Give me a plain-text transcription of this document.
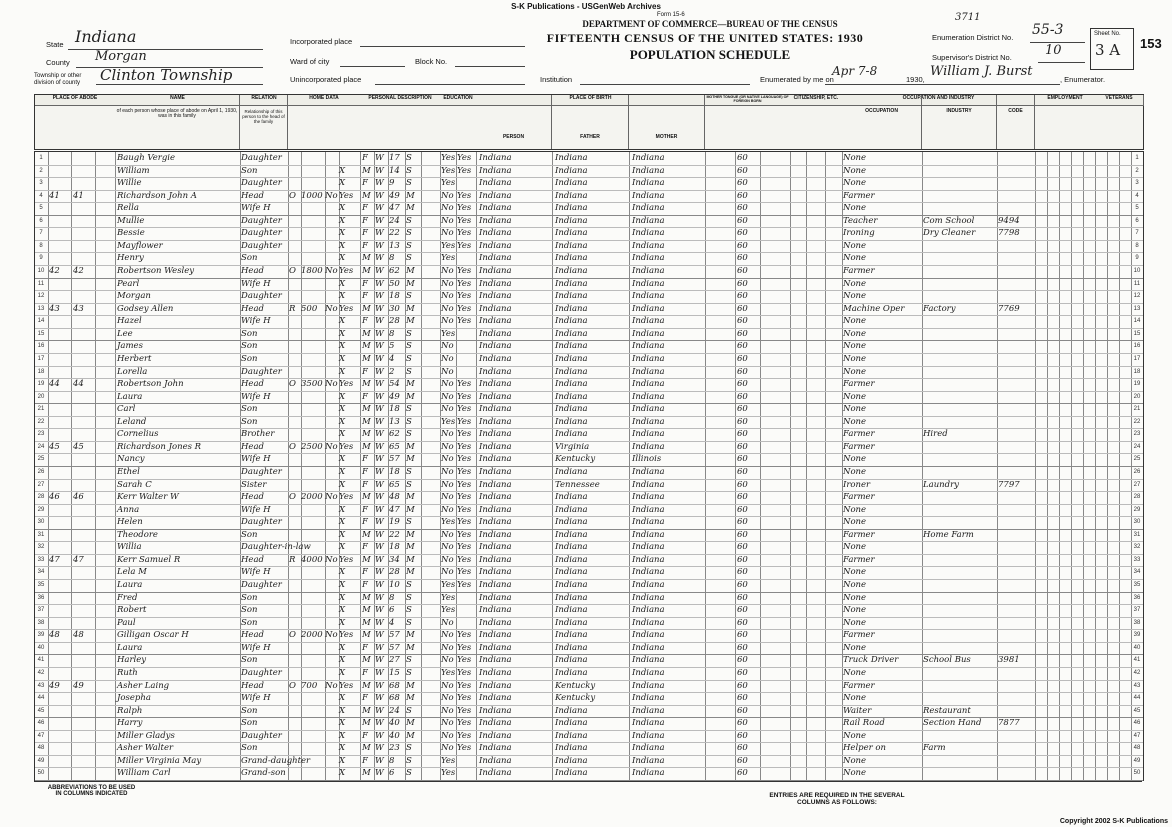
S-K Publications - USGenWeb Archives
3711
Form 15-6
DEPARTMENT OF COMMERCE—BUREAU OF THE CENSUS
FIFTEENTH CENSUS OF THE UNITED STATES: 1930
POPULATION SCHEDULE
153
State Indiana
County Morgan
Township or other division of county	Clinton Township
Incorporated place
Ward of city	Block No.
Unincorporated place	Institution
Enumeration District No. 55-3
Supervisor's District No.	10
Sheet No.
3 A
Enumerated by me on
Apr 7-8
1930,
William J. Burst
, Enumerator.
PLACE OF ABODE	NAME	RELATION	HOME DATA	PERSONAL DESCRIPTION	EDUCATION	PLACE OF BIRTH	MOTHER TONGUE (OR NATIVE LANGUAGE) OF FOREIGN BORN	CITIZENSHIP, ETC.	OCCUPATION AND INDUSTRY	EMPLOYMENT	VETERANS
of each person whose place of abode on April 1, 1930, was in this family
Relationship of this person to the head of the family
PERSON	FATHER	MOTHER
OCCUPATION	INDUSTRY	CODE
1	Baugh Vergie	Daughter	F W 17 S	Yes Yes Indiana	Indiana	Indiana	60	None	1
2	William	Son	X	M W 14 S	Yes Yes Indiana	Indiana	Indiana	60	None	2
3	Willie	Daughter	X	F W 9	S	Yes	Indiana	Indiana	Indiana	60	None	3
4 41	41	Richardson John A	Head	O 1000 No Yes	M W 49 M	No Yes Indiana	Indiana	Indiana	60	Farmer	4
5	Rella	Wife H	X	F W 47 M	No Yes Indiana	Indiana	Indiana	60	None	5
6	Mullie	Daughter	X	F W 24 S	No Yes Indiana	Indiana	Indiana	60	Teacher	Com School	9494	6
7	Bessie	Daughter	X	F W 22 S	No Yes Indiana	Indiana	Indiana	60	Ironing	Dry Cleaner	7798	7
8	Mayflower	Daughter	X	F W 13 S	Yes Yes Indiana	Indiana	Indiana	60	None	8
9	Henry	Son	X	M W 8	S	Yes	Indiana	Indiana	Indiana	60	None	9
10 42	42	Robertson Wesley	Head	O 1800 No Yes	M W 62 M	No Yes Indiana	Indiana	Indiana	60	Farmer	10
11	Pearl	Wife H	X	F W 50 M	No Yes Indiana	Indiana	Indiana	60	None	11
12	Morgan	Daughter	X	F W 18 S	No Yes Indiana	Indiana	Indiana	60	None	12
13 43	43	Godsey Allen	Head	R 500 No Yes	M W 30 M	No Yes Indiana	Indiana	Indiana	60	Machine Oper	Factory	7769	13
14	Hazel	Wife H	X	F W 28 M	No Yes Indiana	Indiana	Indiana	60	None	14
15	Lee	Son	X	M W 8	S	Yes	Indiana	Indiana	Indiana	60	None	15
16	James	Son	X	M W 5	S	No	Indiana	Indiana	Indiana	60	None	16
17	Herbert	Son	X	M W 4	S	No	Indiana	Indiana	Indiana	60	None	17
18	Lorella	Daughter	X	F W 2	S	No	Indiana	Indiana	Indiana	60	None	18
19 44	44	Robertson John	Head	O 3500 No Yes	M W 54 M	No Yes Indiana	Indiana	Indiana	60	Farmer	19
20	Laura	Wife H	X	F W 49 M	No Yes Indiana	Indiana	Indiana	60	None	20
21	Carl	Son	X	M W 18 S	No Yes Indiana	Indiana	Indiana	60	None	21
22	Leland	Son	X	M W 13 S	Yes Yes Indiana	Indiana	Indiana	60	None	22
23	Cornelius	Brother	X	M W 62 S	No Yes Indiana	Indiana	Indiana	60	Farmer	Hired	23
24 45	45	Richardson Jones R	Head	O 2500 No Yes	M W 65 M	No Yes Indiana	Virginia	Indiana	60	Farmer	24
25	Nancy	Wife H	X	F W 57 M	No Yes Indiana	Kentucky	Illinois	60	None	25
26	Ethel	Daughter	X	F W 18 S	No Yes Indiana	Indiana	Indiana	60	None	26
27	Sarah C	Sister	X	F W 65 S	No Yes Indiana	Tennessee	Indiana	60	Ironer	Laundry	7797	27
28 46	46	Kerr Walter W	Head	O 2000 No Yes	M W 48 M	No Yes Indiana	Indiana	Indiana	60	Farmer	28
29	Anna	Wife H	X	F W 47 M	No Yes Indiana	Indiana	Indiana	60	None	29
30	Helen	Daughter	X	F W 19 S	Yes Yes Indiana	Indiana	Indiana	60	None	30
31	Theodore	Son	X	M W 22 M	No Yes Indiana	Indiana	Indiana	60	Farmer	Home Farm	31
32	Willia	Daughter-in-law	X	F W 18 M	No Yes Indiana	Indiana	Indiana	60	None	32
33 47	47	Kerr Samuel R	Head	R 4000 No Yes	M W 34 M	No Yes Indiana	Indiana	Indiana	60	Farmer	33
34	Lela M	Wife H	X	F W 28 M	No Yes Indiana	Indiana	Indiana	60	None	34
35	Laura	Daughter	X	F W 10 S	Yes Yes Indiana	Indiana	Indiana	60	None	35
36	Fred	Son	X	M W 8	S	Yes	Indiana	Indiana	Indiana	60	None	36
37	Robert	Son	X	M W 6	S	Yes	Indiana	Indiana	Indiana	60	None	37
38	Paul	Son	X	M W 4	S	No	Indiana	Indiana	Indiana	60	None	38
39 48	48	Gilligan Oscar H	Head	O 2000 No Yes	M W 57 M	No Yes Indiana	Indiana	Indiana	60	Farmer	39
40	Laura	Wife H	X	F W 57 M	No Yes Indiana	Indiana	Indiana	60	None	40
41	Harley	Son	X	M W 27 S	No Yes Indiana	Indiana	Indiana	60	Truck Driver	School Bus	3981	41
42	Ruth	Daughter	X	F W 15 S	Yes Yes Indiana	Indiana	Indiana	60	None	42
43 49	49	Asher Laing	Head	O 700 No Yes	M W 68 M	No Yes Indiana	Kentucky	Indiana	60	Farmer	43
44	Josepha	Wife H	X	F W 68 M	No Yes Indiana	Kentucky	Indiana	60	None	44
45	Ralph	Son	X	M W 24 S	No Yes Indiana	Indiana	Indiana	60	Waiter	Restaurant	45
46	Harry	Son	X	M W 40 M	No Yes Indiana	Indiana	Indiana	60	Rail Road	Section Hand	7877	46
47	Miller Gladys	Daughter	X	F W 40 M	No Yes Indiana	Indiana	Indiana	60	None	47
48	Asher Walter	Son	X	M W 23 S	No Yes Indiana	Indiana	Indiana	60	Helper on	Farm	48
49	Miller Virginia May	Grand-daughter	X	F W 8	S	Yes	Indiana	Indiana	Indiana	60	None	49
50	William Carl	Grand-son	X	M W 6	S	Yes	Indiana	Indiana	Indiana	60	None	50
ABBREVIATIONS TO BE USED IN COLUMNS INDICATED	ENTRIES ARE REQUIRED IN THE SEVERAL COLUMNS AS FOLLOWS:
Copyright 2002 S-K Publications
